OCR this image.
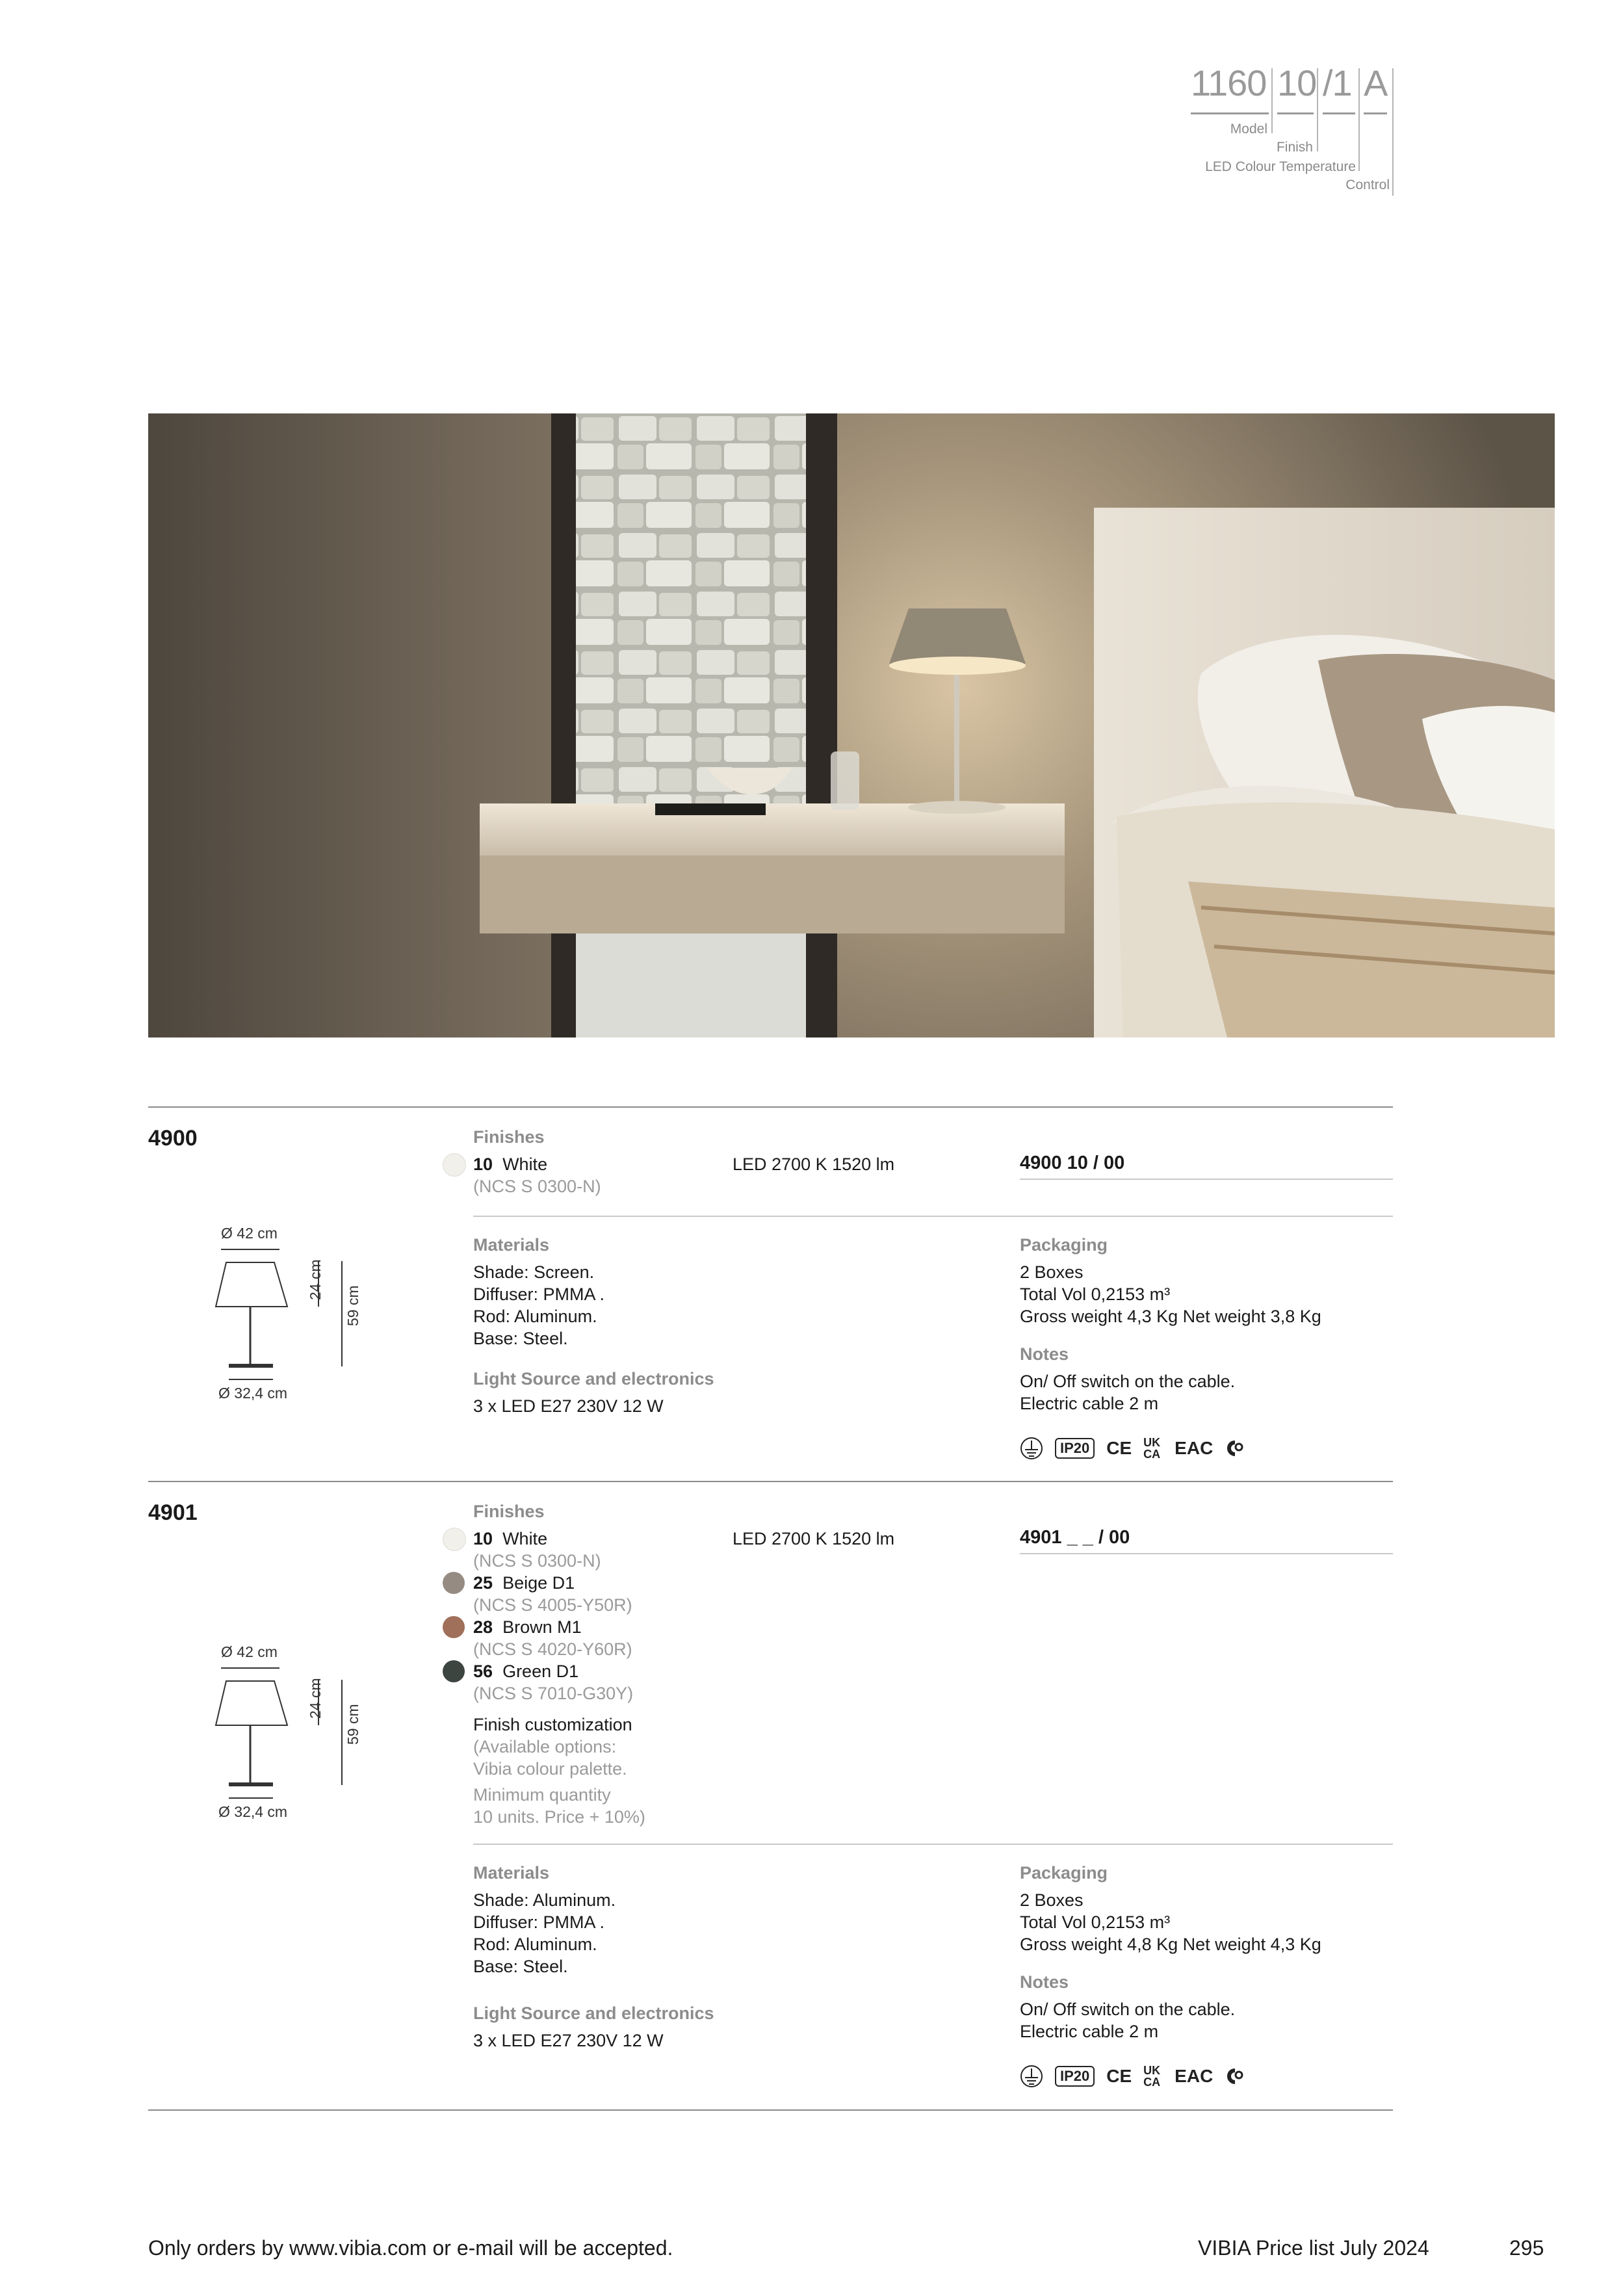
1160 10 /1 A
Model
Finish
LED Colour Temperature
Control
4900	Finishes
10 White
(NCS S 0300-N)
LED 2700 K 1520 lm	4900 10 / 00
Ø 42 cm
24 cm
59 cm
Ø 32,4 cm
Materials
Shade: Screen.
Diffuser: PMMA .
Rod: Aluminum.
Base: Steel.
Light Source and electronics
3 x LED E27 230V 12 W
Packaging
2 Boxes
Total Vol 0,2153 m³
Gross weight 4,3 Kg Net weight 3,8 Kg
Notes
On/ Off switch on the cable.
Electric cable 2 m
IP20 CE UK CA EAC
4901	Finishes
10 White
(NCS S 0300-N)
25 Beige D1
(NCS S 4005-Y50R)
28 Brown M1
(NCS S 4020-Y60R)
56 Green D1
(NCS S 7010-G30Y)
Finish customization
(Available options:
Vibia colour palette.
Minimum quantity
10 units. Price + 10%)
LED 2700 K 1520 lm	4901 _ _ / 00
Ø 42 cm
24 cm
59 cm
Ø 32,4 cm
Materials
Shade: Aluminum.
Diffuser: PMMA .
Rod: Aluminum.
Base: Steel.
Light Source and electronics
3 x LED E27 230V 12 W
Packaging
2 Boxes
Total Vol 0,2153 m³
Gross weight 4,8 Kg Net weight 4,3 Kg
Notes
On/ Off switch on the cable.
Electric cable 2 m
IP20 CE UK CA EAC
Only orders by www.vibia.com or e-mail will be accepted.	VIBIA Price list July 2024	295
